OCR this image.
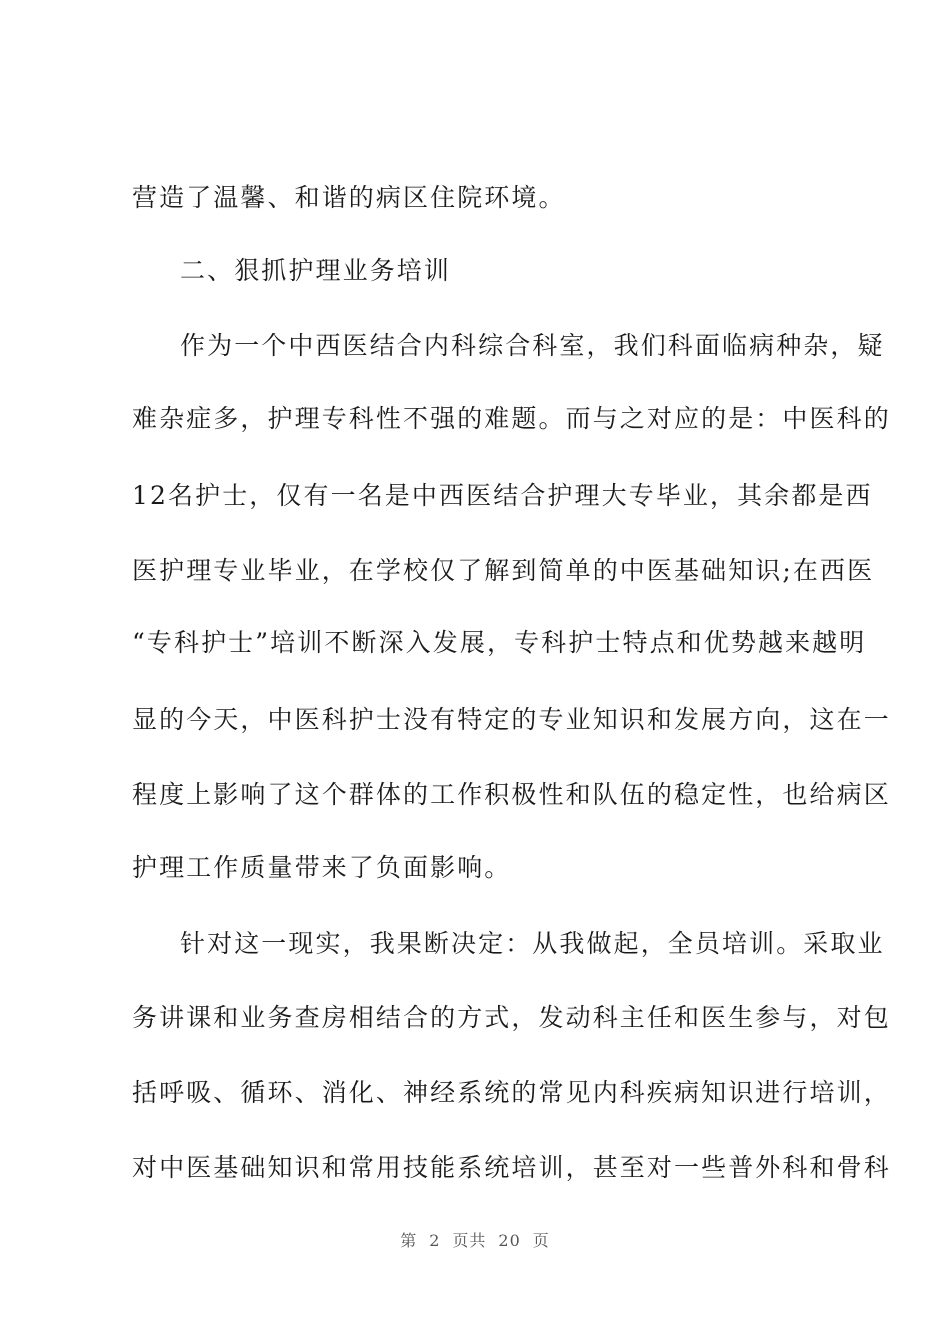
营造了温馨、和谐的病区住院环境。
二、狠抓护理业务培训
作为一个中西医结合内科综合科室，我们科面临病种杂，疑
难杂症多，护理专科性不强的难题。而与之对应的是：中医科的
12名护士，仅有一名是中西医结合护理大专毕业，其余都是西
医护理专业毕业，在学校仅了解到简单的中医基础知识;在西医
“专科护士”培训不断深入发展，专科护士特点和优势越来越明
显的今天，中医科护士没有特定的专业知识和发展方向，这在一
程度上影响了这个群体的工作积极性和队伍的稳定性，也给病区
护理工作质量带来了负面影响。
针对这一现实，我果断决定：从我做起，全员培训。采取业
务讲课和业务查房相结合的方式，发动科主任和医生参与，对包
括呼吸、循环、消化、神经系统的常见内科疾病知识进行培训，
对中医基础知识和常用技能系统培训，甚至对一些普外科和骨科
第 2 页共 20 页
